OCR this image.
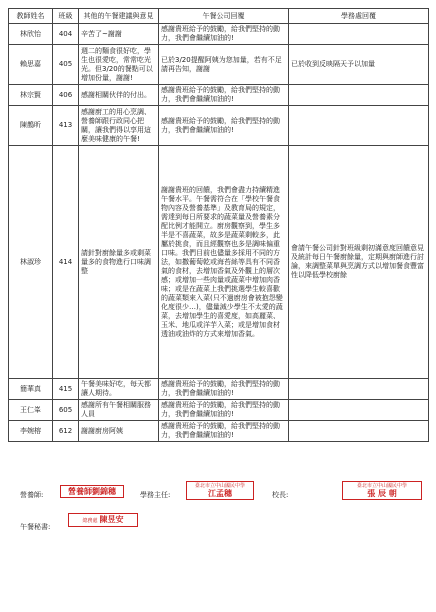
教師姓名	班級	其他的午餐建議與意見	午餐公司回覆	學務處回覆
林欣怡	404	辛苦了~謝謝	感謝貴班給予的鼓勵，給我們堅持的動力，我們會繼續加油的!	
賴思嘉	405	週二的麵食很好吃，學生也很愛吃，常常吃光光。但3/20的餐點可以增加份量，謝謝!	已於3/20提醒阿姨为您加量，若有不足請再告知，謝謝	已於收到反映隔天予以加量
林宗賢	406	感謝相關伙伴的付出。	感謝貴班給予的鼓勵，給我們堅持的動力，我們會繼續加油的!	
陳鵲昕	413	感謝廚工的用心烹調、營養師跟行政同心把關，讓我們得以享用這麼美味健康的午餐!	感謝貴班給予的鼓勵，給我們堅持的動力，我們會繼續加油的!	
林淑珍	414	請針對廚餘量多或剩菜量多的食物進行口味調整	謝謝貴班的回饋，我們會盡力持續精進午餐水平。午餐需符合在「學校午餐食物內容及營養基準」及教育局的規定，需達到每日所要求的蔬菜量及營養素分配比例才能開立。廚房觀察到，學生多半是不喜蔬菜，故多是蔬菜剩較多，此屬於挑食，而且經觀察也多是調味偏重口味。我們目前也儘量多採用不同的方法，如撒葡萄乾或海苔絲等具有不同香氣的食材，去增加香氣及外觀上的層次感；或增加一些肉量或蔬菜中增加肉香味；或是在蔬菜上我們挑選學生較喜歡的蔬菜類來入菜(只不過廚房會被抱怨變化度很少…)，儘量減少學生不太愛的蔬菜，去增加學生的喜愛度，如高麗菜、玉米、地瓜或洋芋入菜；或是增加食材透油或油炸的方式來增加香氣。	會請午餐公司針對班級剩初滿意度回饋意見及統計每日午餐廚餘量，定期與廚師進行討論，來調整菜單與烹調方式以增加餐食豐富性以降低學校廚餘
簡華真	415	午餐美味好吃，每天都讓人期待。	感謝貴班給予的鼓勵，給我們堅持的動力，我們會繼續加油的!	
王仁峯	605	感謝所有午餐相關服務人員	感謝貴班給予的鼓勵，給我們堅持的動力，我們會繼續加油的!	
李婉榕	612	謝謝廚房阿姨	感謝貴班給予的鼓勵，給我們堅持的動力，我們會繼續加油的!	
營養師:	營養師劉錦穗	學務主任:
臺北市立中山國民中學
江孟穗	校長:
臺北市立中山國民中學
張 辰 朝
午餐秘書:
總務處 陳昱安
